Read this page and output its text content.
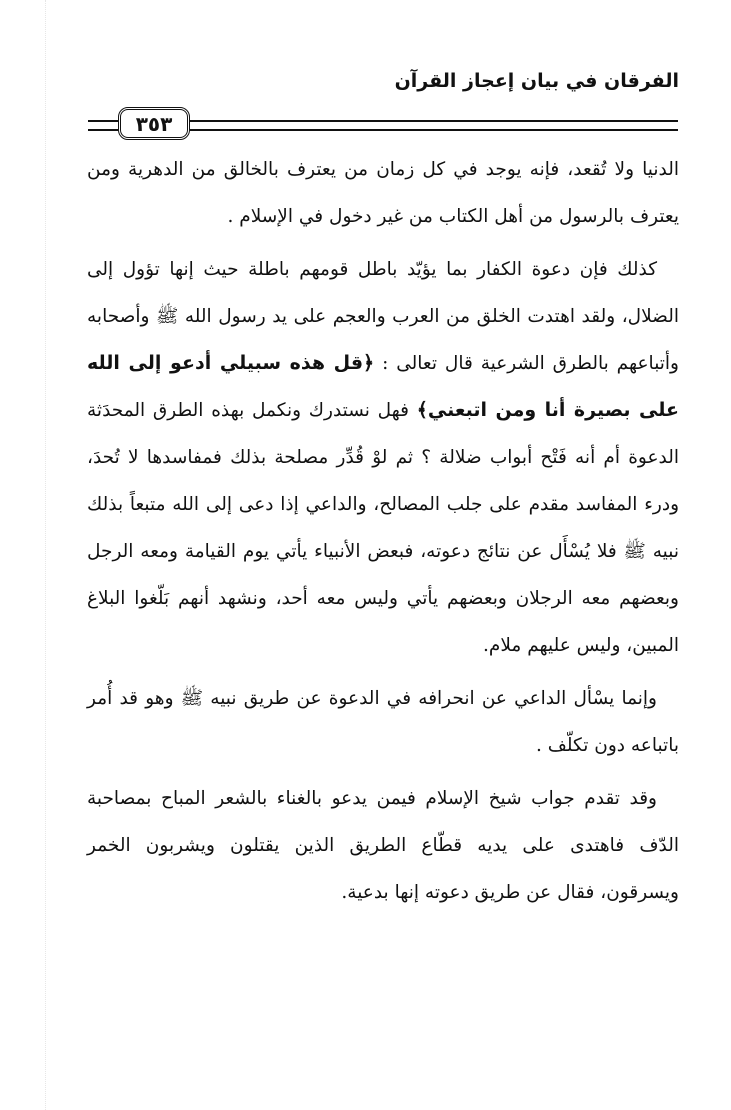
الفرقان في بيان إعجاز القرآن
٣٥٣

الدنيا ولا تُقعد، فإنه يوجد في كل زمان من يعترف بالخالق من الدهرية ومن يعترف بالرسول من أهل الكتاب من غير دخول في الإسلام .

كذلك فإن دعوة الكفار بما يؤيّد باطل قومهم باطلة حيث إنها تؤول إلى الضلال، ولقد اهتدت الخلق من العرب والعجم على يد رسول الله ﷺ وأصحابه وأتباعهم بالطرق الشرعية قال تعالى : ﴿قل هذه سبيلي أدعو إلى الله على بصيرة أنا ومن اتبعني﴾ فهل نستدرك ونكمل بهذه الطرق المحدَثة الدعوة أم أنه فَتْح أبواب ضلالة ؟ ثم لوْ قُدِّر مصلحة بذلك فمفاسدها لا تُحدَ، ودرء المفاسد مقدم على جلب المصالح، والداعي إذا دعى إلى الله متبعاً بذلك نبيه ﷺ فلا يُسْأَل عن نتائج دعوته، فبعض الأنبياء يأتي يوم القيامة ومعه الرجل وبعضهم معه الرجلان وبعضهم يأتي وليس معه أحد، ونشهد أنهم بَلّغوا البلاغ المبين، وليس عليهم ملام.

وإنما يسْأل الداعي عن انحرافه في الدعوة عن طريق نبيه ﷺ وهو قد أُمر باتباعه دون تكلّف .

وقد تقدم جواب شيخ الإسلام فيمن يدعو بالغناء بالشعر المباح بمصاحبة الدّف فاهتدى على يديه قطّاع الطريق الذين يقتلون ويشربون الخمر ويسرقون، فقال عن طريق دعوته إنها بدعية.
